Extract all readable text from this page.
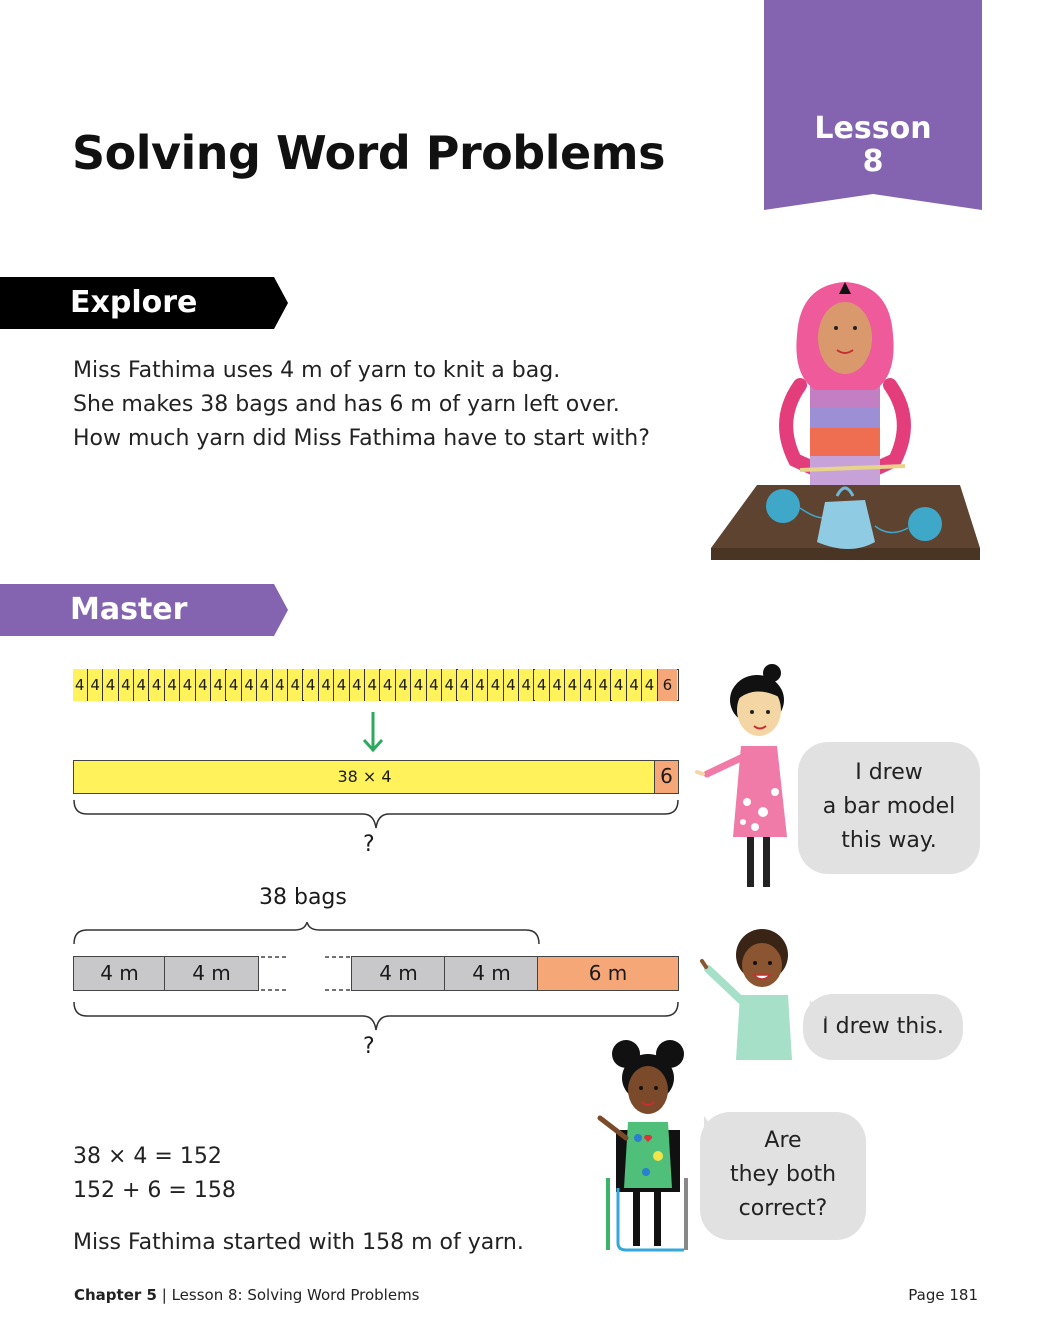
Lesson
8
Solving Word Problems
Explore
Miss Fathima uses 4 m of yarn to knit a bag.
She makes 38 bags and has 6 m of yarn left over.
How much yarn did Miss Fathima have to start with?
Master
4 4 4 4 4 4 4 4 4 4 4 4 4 4 4 4 4 4 4 4 4 4 4 4 4 4 4 4 4 4 4 4 4 4 4 4 4 4 6
38 × 4	6
?
38 bags
4 m	4 m	4 m	4 m	6 m
?
38 × 4 = 152
152 + 6 = 158
Miss Fathima started with 158 m of yarn.
I drew
a bar model
this way.
I drew this.
Are
they both
correct?
Chapter 5 | Lesson 8: Solving Word Problems	Page 181
